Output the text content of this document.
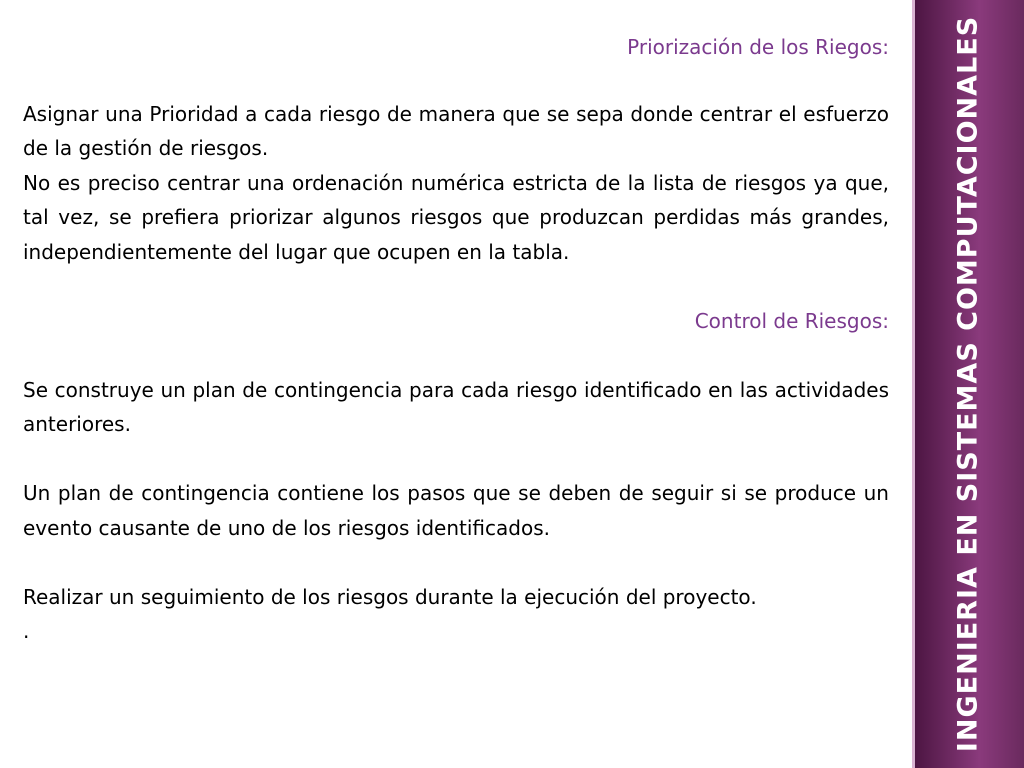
Priorización de los Riegos:

Asignar una Prioridad a cada riesgo de manera que se sepa donde centrar el esfuerzo de la gestión de riesgos.

No es preciso centrar una ordenación numérica estricta de la lista de riesgos ya que, tal vez, se prefiera priorizar algunos riesgos que produzcan perdidas más grandes, independientemente del lugar que ocupen en la tabla.

Control de Riesgos:

Se construye un plan de contingencia para cada riesgo identificado en las actividades anteriores.

Un plan de contingencia contiene los pasos que se deben de seguir si se produce un evento causante de uno de los riesgos identificados.

Realizar un seguimiento de los riesgos durante la ejecución del proyecto.

.	INGENIERIA EN SISTEMAS COMPUTACIONALES
